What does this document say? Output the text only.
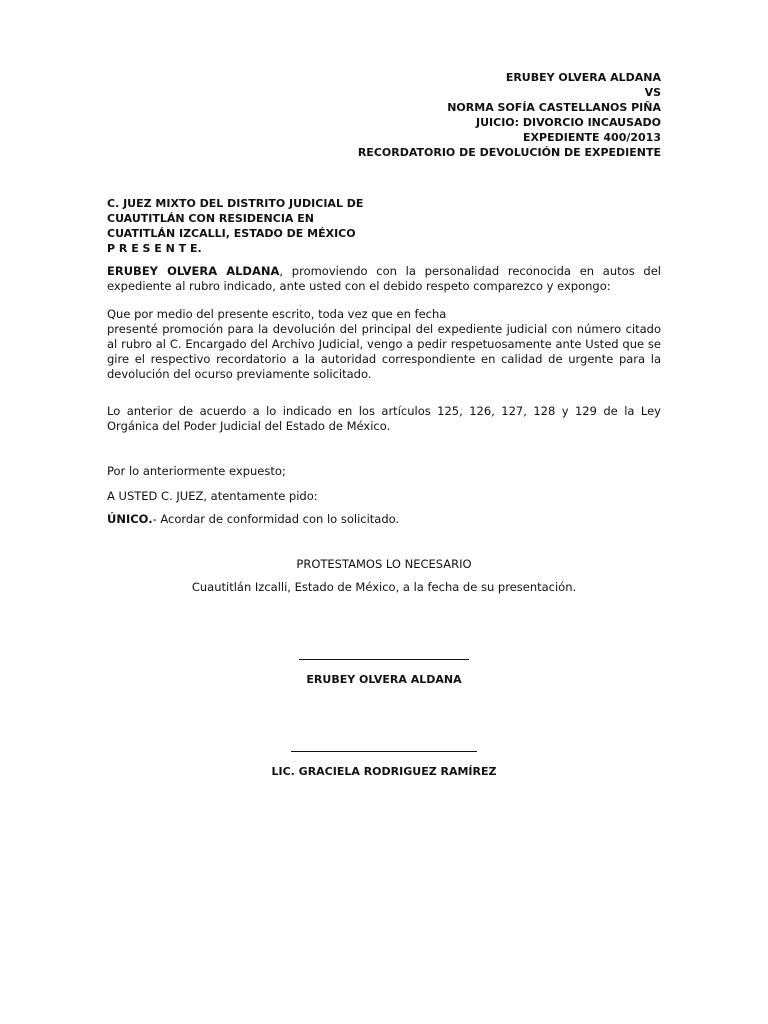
ERUBEY OLVERA ALDANA
VS
NORMA SOFÍA CASTELLANOS PIÑA
JUICIO: DIVORCIO INCAUSADO
EXPEDIENTE 400/2013
RECORDATORIO DE DEVOLUCIÓN DE EXPEDIENTE
C. JUEZ MIXTO DEL DISTRITO JUDICIAL DE
CUAUTITLÁN CON RESIDENCIA EN
CUATITLÁN IZCALLI, ESTADO DE MÉXICO
P R E S E N T E.
ERUBEY OLVERA ALDANA, promoviendo con la personalidad reconocida en autos del expediente al rubro indicado, ante usted con el debido respeto comparezco y expongo:
Que por medio del presente escrito, toda vez que en fecha
presenté promoción para la devolución del principal del expediente judicial con número citado al rubro al C. Encargado del Archivo Judicial, vengo a pedir respetuosamente ante Usted que se gire el respectivo recordatorio a la autoridad correspondiente en calidad de urgente para la devolución del ocurso previamente solicitado.
Lo anterior de acuerdo a lo indicado en los artículos 125, 126, 127, 128 y 129 de la Ley Orgánica del Poder Judicial del Estado de México.
Por lo anteriormente expuesto;
A USTED C. JUEZ, atentamente pido:
ÚNICO.- Acordar de conformidad con lo solicitado.
PROTESTAMOS LO NECESARIO
Cuautitlán Izcalli, Estado de México, a la fecha de su presentación.
ERUBEY OLVERA ALDANA
LIC. GRACIELA RODRIGUEZ RAMÍREZ
